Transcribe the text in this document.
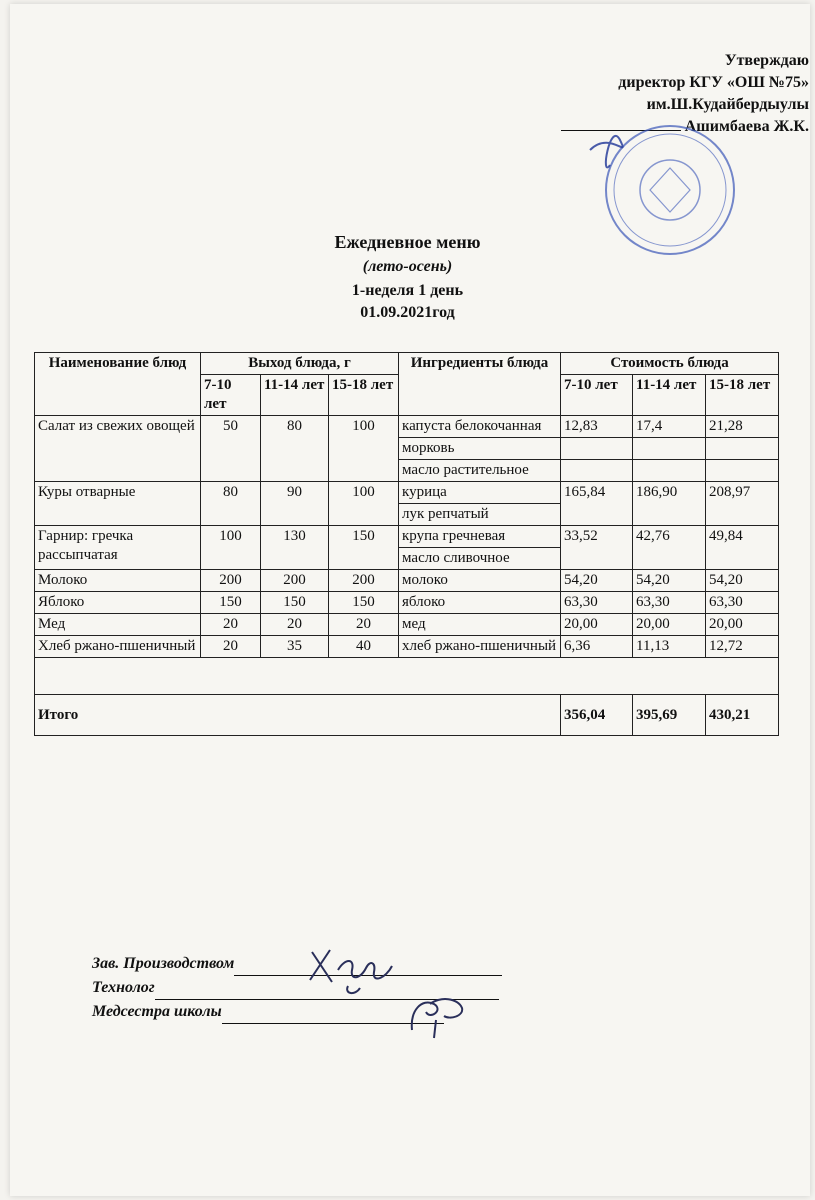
Утверждаю
директор КГУ «ОШ №75»
им.Ш.Кудайбердыулы
Ашимбаева Ж.К.
Ежедневное меню
(лето-осень)
1-неделя 1 день
01.09.2021год
Наименование блюд	Выход блюда, г			Ингредиенты блюда	Стоимость блюда		
	7-10 лет	11-14 лет	15-18 лет		7-10 лет	11-14 лет	15-18 лет
Салат из свежих овощей	50	80	100	капуста белокочанная	12,83	17,4	21,28
				морковь			
				масло растительное			
Куры отварные	80	90	100	курица	165,84	186,90	208,97
				лук репчатый			
Гарнир: гречка рассыпчатая	100	130	150	крупа гречневая	33,52	42,76	49,84
				масло сливочное			
Молоко	200	200	200	молоко	54,20	54,20	54,20
Яблоко	150	150	150	яблоко	63,30	63,30	63,30
Мед	20	20	20	мед	20,00	20,00	20,00
Хлеб ржано-пшеничный	20	35	40	хлеб ржано-пшеничный	6,36	11,13	12,72

Итого					356,04	395,69	430,21
Зав. Производством
Технолог
Медсестра школы
